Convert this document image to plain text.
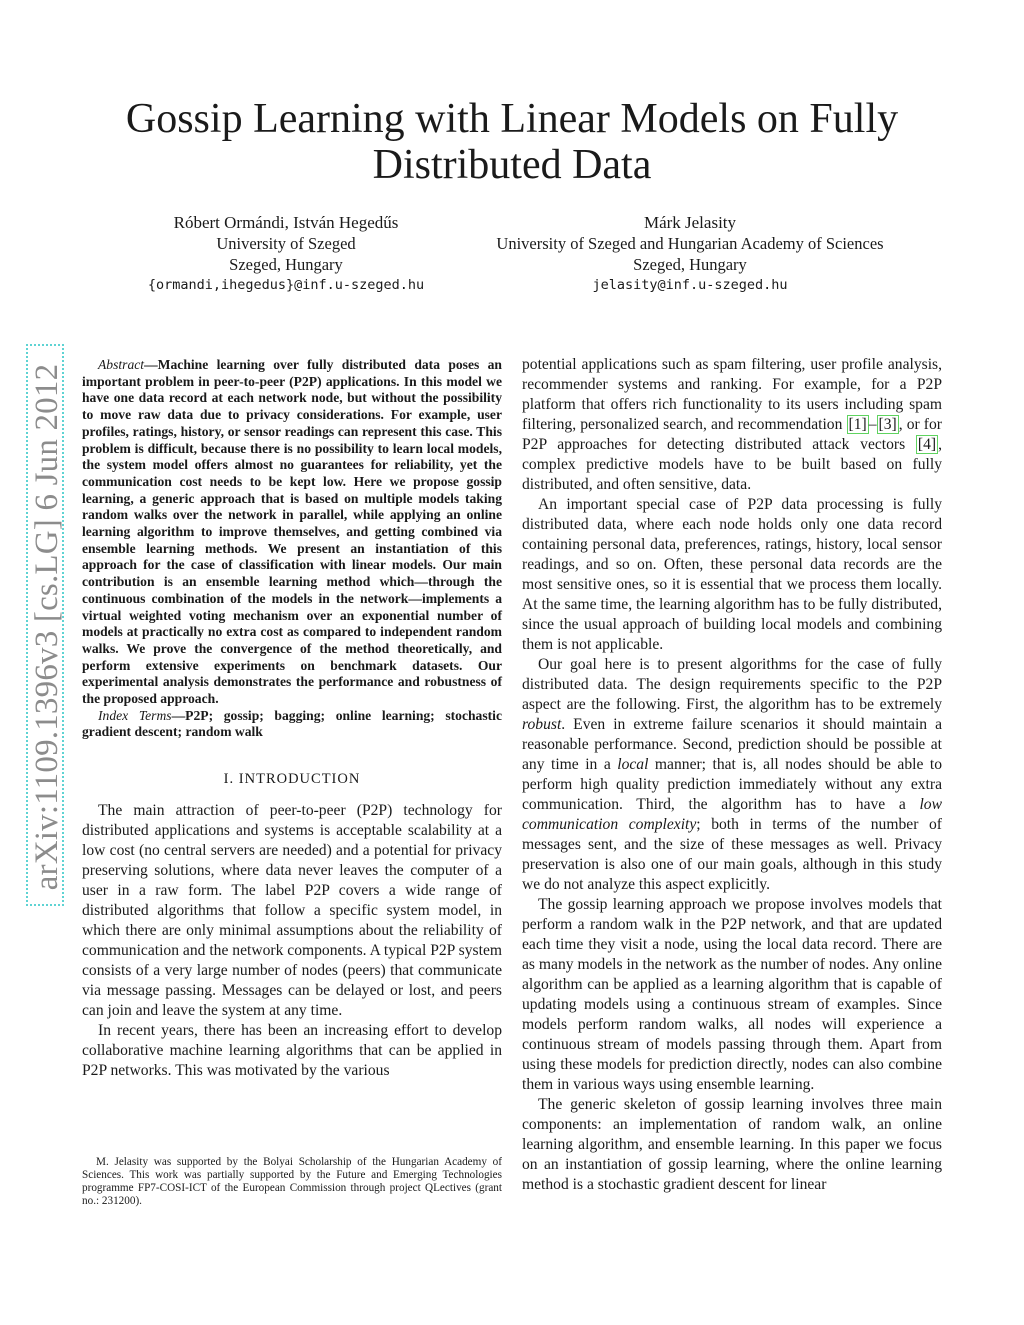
arXiv:1109.1396v3 [cs.LG] 6 Jun 2012
Gossip Learning with Linear Models on Fully Distributed Data
Róbert Ormándi, István Hegedűs
University of Szeged
Szeged, Hungary
{ormandi,ihegedus}@inf.u-szeged.hu
Márk Jelasity
University of Szeged and Hungarian Academy of Sciences
Szeged, Hungary
jelasity@inf.u-szeged.hu

Abstract—Machine learning over fully distributed data poses an important problem in peer-to-peer (P2P) applications. In this model we have one data record at each network node, but without the possibility to move raw data due to privacy considerations. For example, user profiles, ratings, history, or sensor readings can represent this case. This problem is difficult, because there is no possibility to learn local models, the system model offers almost no guarantees for reliability, yet the communication cost needs to be kept low. Here we propose gossip learning, a generic approach that is based on multiple models taking random walks over the network in parallel, while applying an online learning algorithm to improve themselves, and getting combined via ensemble learning methods. We present an instantiation of this approach for the case of classification with linear models. Our main contribution is an ensemble learning method which—through the continuous combination of the models in the network—implements a virtual weighted voting mechanism over an exponential number of models at practically no extra cost as compared to independent random walks. We prove the convergence of the method theoretically, and perform extensive experiments on benchmark datasets. Our experimental analysis demonstrates the performance and robustness of the proposed approach.

Index Terms—P2P; gossip; bagging; online learning; stochastic gradient descent; random walk

I. INTRODUCTION

The main attraction of peer-to-peer (P2P) technology for distributed applications and systems is acceptable scalability at a low cost (no central servers are needed) and a potential for privacy preserving solutions, where data never leaves the computer of a user in a raw form. The label P2P covers a wide range of distributed algorithms that follow a specific system model, in which there are only minimal assumptions about the reliability of communication and the network components. A typical P2P system consists of a very large number of nodes (peers) that communicate via message passing. Messages can be delayed or lost, and peers can join and leave the system at any time.

In recent years, there has been an increasing effort to develop collaborative machine learning algorithms that can be applied in P2P networks. This was motivated by the various

M. Jelasity was supported by the Bolyai Scholarship of the Hungarian Academy of Sciences. This work was partially supported by the Future and Emerging Technologies programme FP7-COSI-ICT of the European Commission through project QLectives (grant no.: 231200).

potential applications such as spam filtering, user profile analysis, recommender systems and ranking. For example, for a P2P platform that offers rich functionality to its users including spam filtering, personalized search, and recommendation [1] – [3] , or for P2P approaches for detecting distributed attack vectors [4] , complex predictive models have to be built based on fully distributed, and often sensitive, data.

An important special case of P2P data processing is fully distributed data, where each node holds only one data record containing personal data, preferences, ratings, history, local sensor readings, and so on. Often, these personal data records are the most sensitive ones, so it is essential that we process them locally. At the same time, the learning algorithm has to be fully distributed, since the usual approach of building local models and combining them is not applicable.

Our goal here is to present algorithms for the case of fully distributed data. The design requirements specific to the P2P aspect are the following. First, the algorithm has to be extremely robust. Even in extreme failure scenarios it should maintain a reasonable performance. Second, prediction should be possible at any time in a local manner; that is, all nodes should be able to perform high quality prediction immediately without any extra communication. Third, the algorithm has to have a low communication complexity; both in terms of the number of messages sent, and the size of these messages as well. Privacy preservation is also one of our main goals, although in this study we do not analyze this aspect explicitly.

The gossip learning approach we propose involves models that perform a random walk in the P2P network, and that are updated each time they visit a node, using the local data record. There are as many models in the network as the number of nodes. Any online algorithm can be applied as a learning algorithm that is capable of updating models using a continuous stream of examples. Since models perform random walks, all nodes will experience a continuous stream of models passing through them. Apart from using these models for prediction directly, nodes can also combine them in various ways using ensemble learning.

The generic skeleton of gossip learning involves three main components: an implementation of random walk, an online learning algorithm, and ensemble learning. In this paper we focus on an instantiation of gossip learning, where the online learning method is a stochastic gradient descent for linear
